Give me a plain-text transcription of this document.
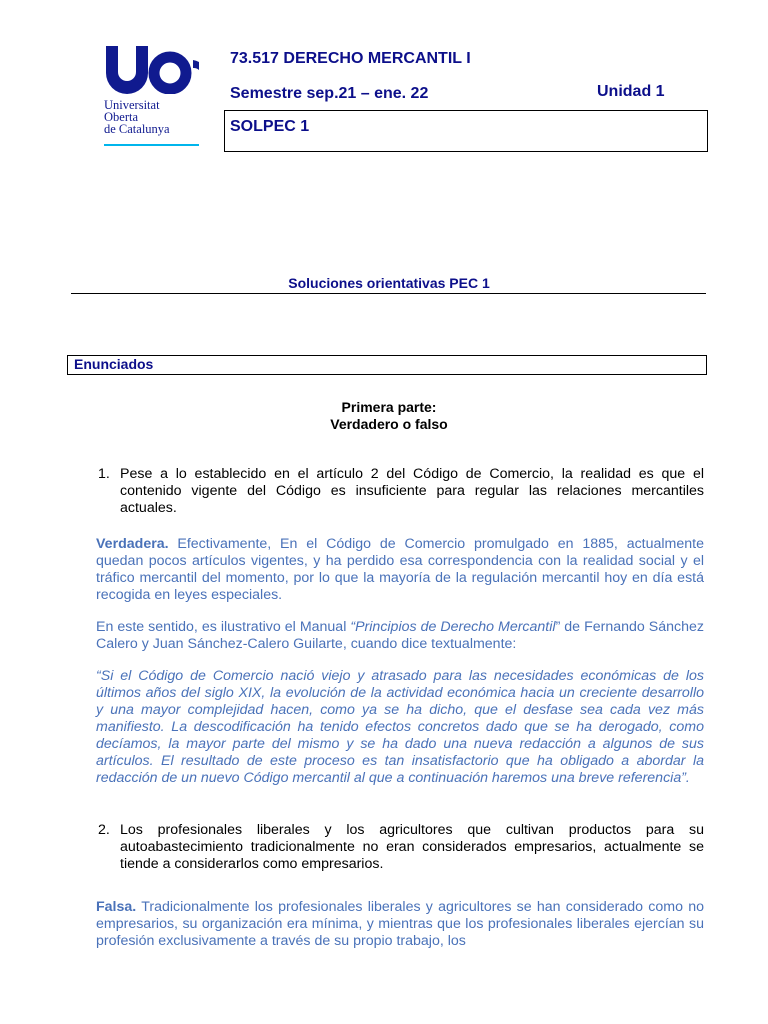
Universitat
Oberta
de Catalunya
73.517 DERECHO MERCANTIL I
Semestre sep.21 – ene. 22	Unidad 1
SOLPEC 1
Soluciones orientativas PEC 1
Enunciados
Primera parte:
Verdadero o falso
1. Pese a lo establecido en el artículo 2 del Código de Comercio, la realidad es que el contenido vigente del Código es insuficiente para regular las relaciones mercantiles actuales.
Verdadera. Efectivamente, En el Código de Comercio promulgado en 1885, actualmente quedan pocos artículos vigentes, y ha perdido esa correspondencia con la realidad social y el tráfico mercantil del momento, por lo que la mayoría de la regulación mercantil hoy en día está recogida en leyes especiales.
En este sentido, es ilustrativo el Manual “Principios de Derecho Mercantil” de Fernando Sánchez Calero y Juan Sánchez-Calero Guilarte, cuando dice textualmente:
“Si el Código de Comercio nació viejo y atrasado para las necesidades económicas de los últimos años del siglo XIX, la evolución de la actividad económica hacia un creciente desarrollo y una mayor complejidad hacen, como ya se ha dicho, que el desfase sea cada vez más manifiesto. La descodificación ha tenido efectos concretos dado que se ha derogado, como decíamos, la mayor parte del mismo y se ha dado una nueva redacción a algunos de sus artículos. El resultado de este proceso es tan insatisfactorio que ha obligado a abordar la redacción de un nuevo Código mercantil al que a continuación haremos una breve referencia”.
2. Los profesionales liberales y los agricultores que cultivan productos para su autoabastecimiento tradicionalmente no eran considerados empresarios, actualmente se tiende a considerarlos como empresarios.
Falsa. Tradicionalmente los profesionales liberales y agricultores se han considerado como no empresarios, su organización era mínima, y mientras que los profesionales liberales ejercían su profesión exclusivamente a través de su propio trabajo, los
